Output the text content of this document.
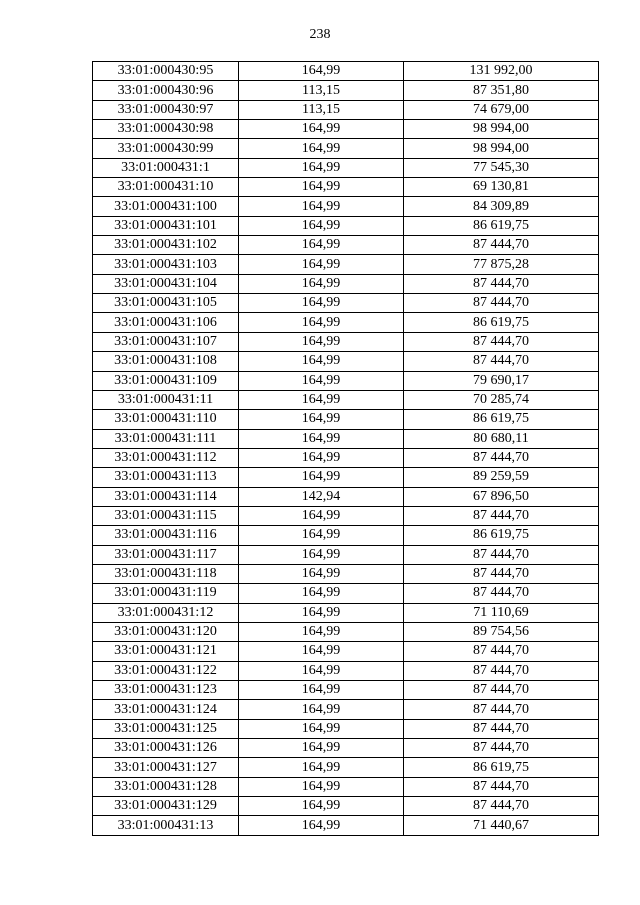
238
33:01:000430:95	164,99	131 992,00
33:01:000430:96	113,15	87 351,80
33:01:000430:97	113,15	74 679,00
33:01:000430:98	164,99	98 994,00
33:01:000430:99	164,99	98 994,00
33:01:000431:1	164,99	77 545,30
33:01:000431:10	164,99	69 130,81
33:01:000431:100	164,99	84 309,89
33:01:000431:101	164,99	86 619,75
33:01:000431:102	164,99	87 444,70
33:01:000431:103	164,99	77 875,28
33:01:000431:104	164,99	87 444,70
33:01:000431:105	164,99	87 444,70
33:01:000431:106	164,99	86 619,75
33:01:000431:107	164,99	87 444,70
33:01:000431:108	164,99	87 444,70
33:01:000431:109	164,99	79 690,17
33:01:000431:11	164,99	70 285,74
33:01:000431:110	164,99	86 619,75
33:01:000431:111	164,99	80 680,11
33:01:000431:112	164,99	87 444,70
33:01:000431:113	164,99	89 259,59
33:01:000431:114	142,94	67 896,50
33:01:000431:115	164,99	87 444,70
33:01:000431:116	164,99	86 619,75
33:01:000431:117	164,99	87 444,70
33:01:000431:118	164,99	87 444,70
33:01:000431:119	164,99	87 444,70
33:01:000431:12	164,99	71 110,69
33:01:000431:120	164,99	89 754,56
33:01:000431:121	164,99	87 444,70
33:01:000431:122	164,99	87 444,70
33:01:000431:123	164,99	87 444,70
33:01:000431:124	164,99	87 444,70
33:01:000431:125	164,99	87 444,70
33:01:000431:126	164,99	87 444,70
33:01:000431:127	164,99	86 619,75
33:01:000431:128	164,99	87 444,70
33:01:000431:129	164,99	87 444,70
33:01:000431:13	164,99	71 440,67
